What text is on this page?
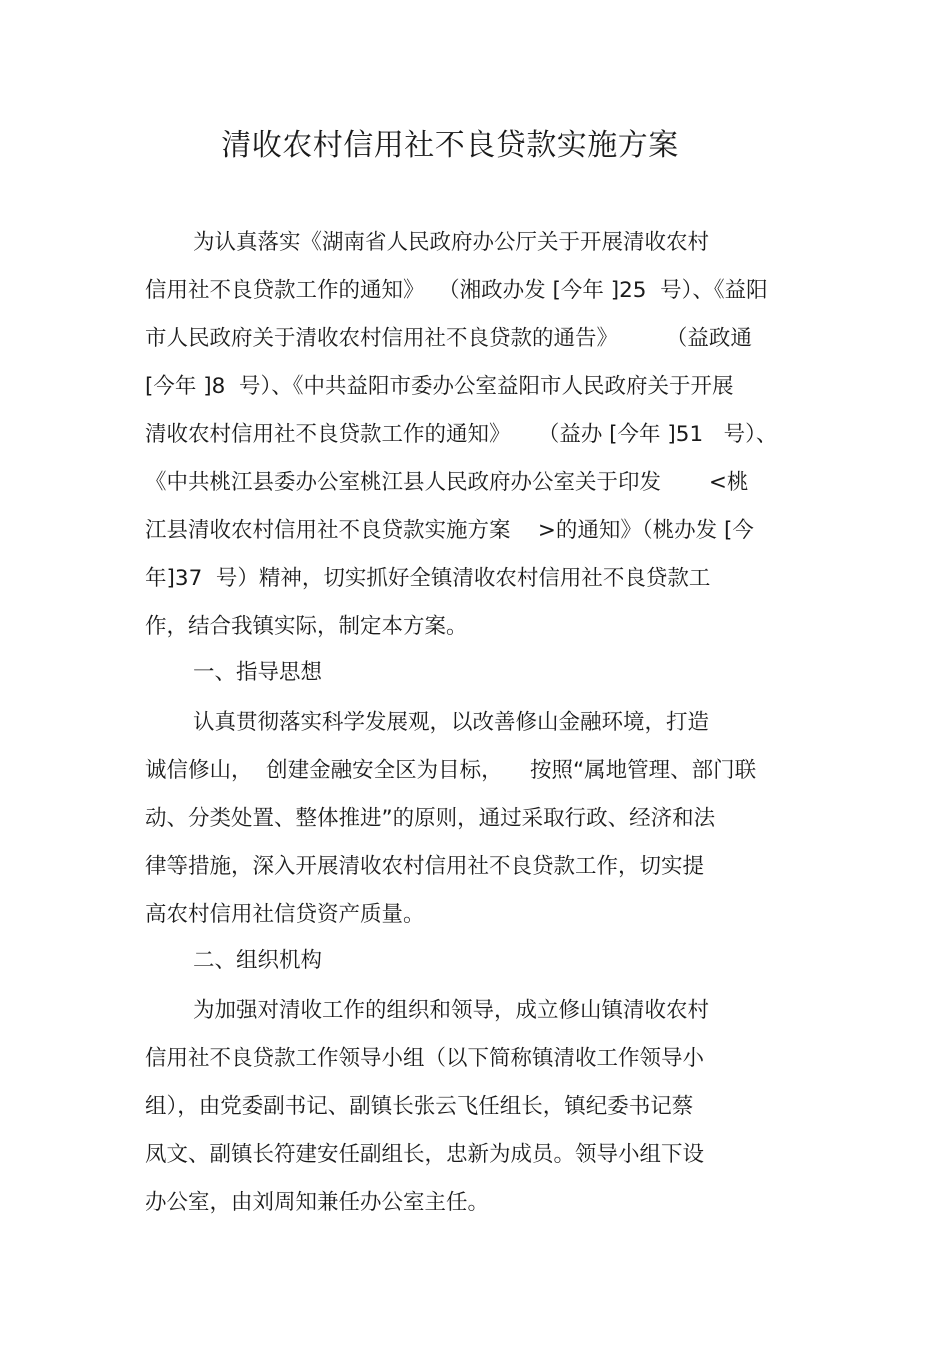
清收农村信用社不良贷款实施方案
为认真落实《湖南省人民政府办公厅关于开展清收农村
信用社不良贷款工作的通知》  （湘政办发 [今年 ]25  号）、《益阳
市人民政府关于清收农村信用社不良贷款的通告》       （益政通
[今年 ]8  号）、《中共益阳市委办公室益阳市人民政府关于开展
清收农村信用社不良贷款工作的通知》    （益办 [今年 ]51   号）、
《中共桃江县委办公室桃江县人民政府办公室关于印发       <桃
江县清收农村信用社不良贷款实施方案    >的通知》（桃办发 [今
年]37  号）精神，切实抓好全镇清收农村信用社不良贷款工
作，结合我镇实际，制定本方案。
一、指导思想
认真贯彻落实科学发展观，以改善修山金融环境，打造
诚信修山，  创建金融安全区为目标，    按照“属地管理、部门联
动、分类处置、整体推进”的原则，通过采取行政、经济和法
律等措施，深入开展清收农村信用社不良贷款工作，切实提
高农村信用社信贷资产质量。
二、组织机构
为加强对清收工作的组织和领导，成立修山镇清收农村
信用社不良贷款工作领导小组（以下简称镇清收工作领导小
组），由党委副书记、副镇长张云飞任组长，镇纪委书记蔡
凤文、副镇长符建安任副组长，忠新为成员。领导小组下设
办公室，由刘周知兼任办公室主任。
